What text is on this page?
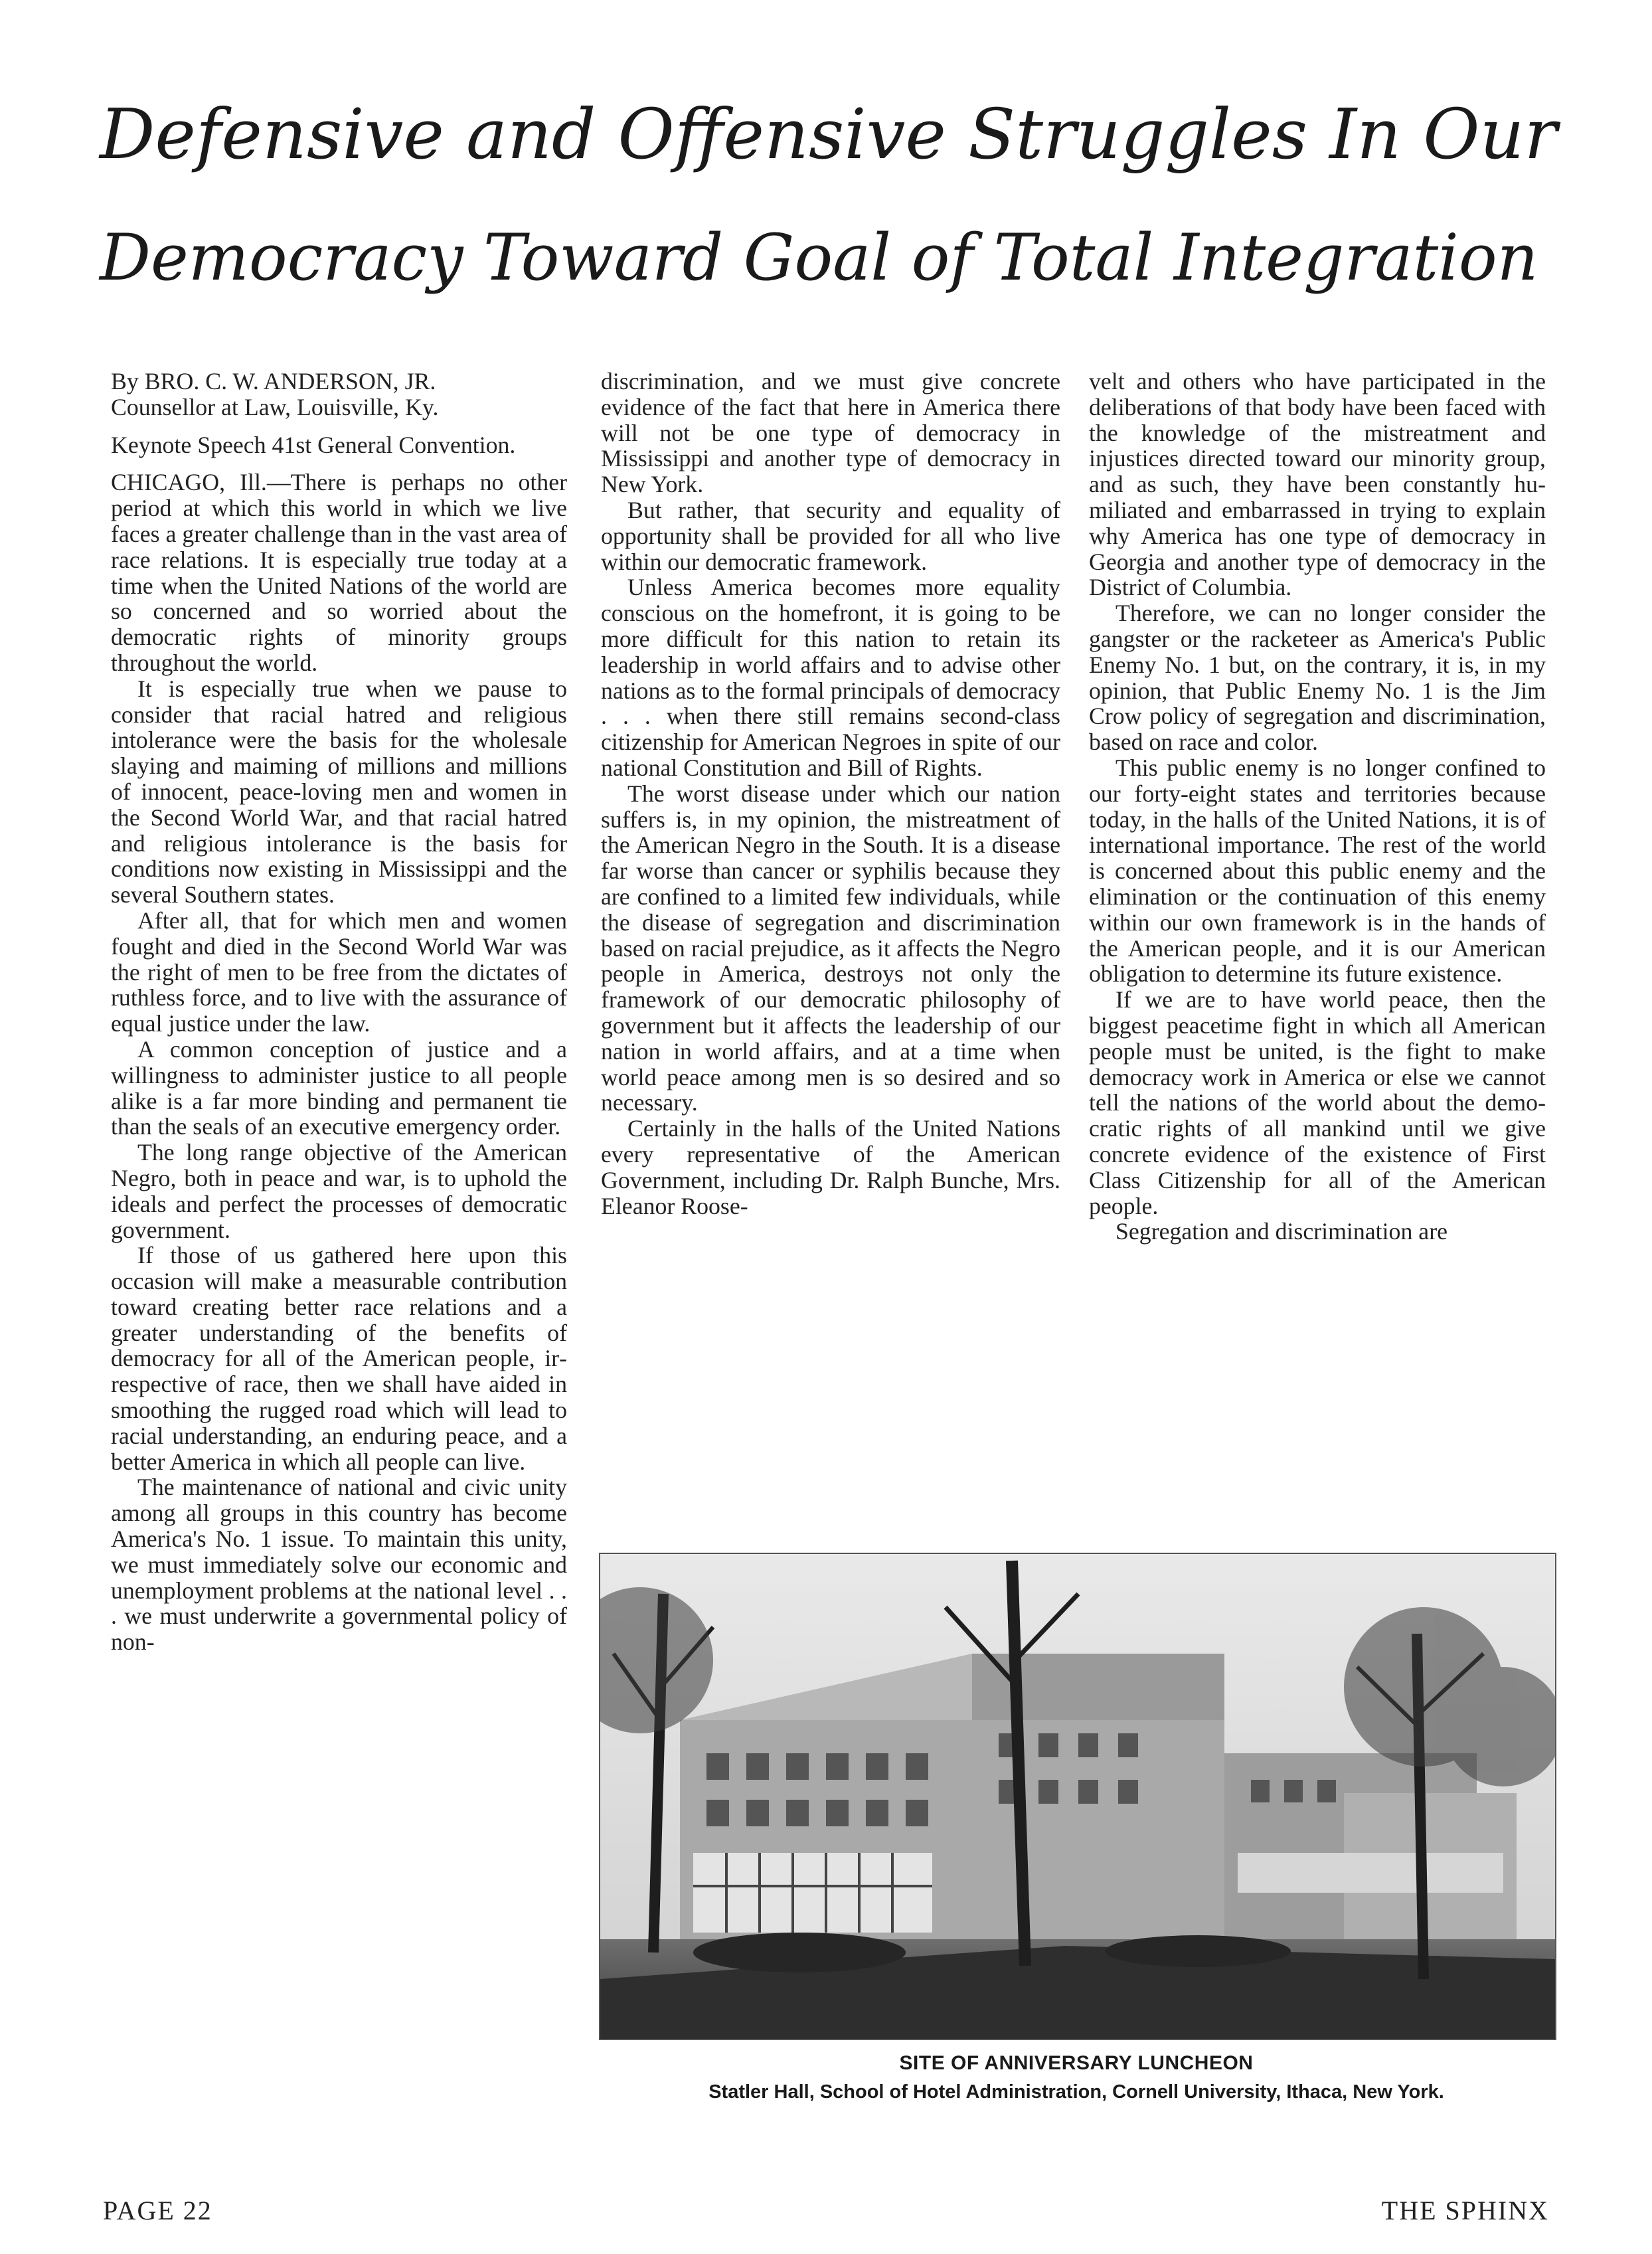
Defensive and Offensive Struggles In Our
Democracy Toward Goal of Total Integration

By BRO. C. W. ANDERSON, JR.

Counsellor at Law, Louisville, Ky.

Keynote Speech 41st General Convention.

CHICAGO, Ill.—There is perhaps no other period at which this world in which we live faces a greater challenge than in the vast area of race relations. It is especially true today at a time when the United Nations of the world are so concerned and so worried about the democratic rights of minority groups throughout the world.

It is especially true when we pause to consider that racial hatred and religious intolerance were the basis for the wholesale slaying and maiming of millions and millions of innocent, peace-loving men and women in the Second World War, and that racial hatred and religious intolerance is the basis for conditions now existing in Mississippi and the several Southern states.

After all, that for which men and women fought and died in the Second World War was the right of men to be free from the dictates of ruthless force, and to live with the assurance of equal justice under the law.

A common conception of justice and a willingness to administer justice to all people alike is a far more binding and permanent tie than the seals of an executive emergency order.

The long range objective of the American Negro, both in peace and war, is to uphold the ideals and perfect the processes of democratic government.

If those of us gathered here upon this occasion will make a measurable contribution toward creating better race relations and a greater understanding of the benefits of democracy for all of the American people, irrespective of race, then we shall have aided in smoothing the rugged road which will lead to racial understanding, an enduring peace, and a better America in which all people can live.

The maintenance of national and civic unity among all groups in this country has become America's No. 1 issue. To maintain this unity, we must immediately solve our economic and unemployment problems at the national level . . . we must underwrite a governmental policy of non-

discrimination, and we must give concrete evidence of the fact that here in America there will not be one type of democracy in Mississippi and another type of democracy in New York.

But rather, that security and equality of opportunity shall be provided for all who live within our democratic framework.

Unless America becomes more equality conscious on the homefront, it is going to be more difficult for this nation to retain its leadership in world affairs and to advise other nations as to the formal principals of democracy . . . when there still remains second-class citizenship for American Negroes in spite of our national Constitution and Bill of Rights.

The worst disease under which our nation suffers is, in my opinion, the mistreatment of the American Negro in the South. It is a disease far worse than cancer or syphilis because they are confined to a limited few individuals, while the disease of segregation and discrimination based on racial prejudice, as it affects the Negro people in America, destroys not only the framework of our democratic philosophy of government but it affects the leadership of our nation in world affairs, and at a time when world peace among men is so desired and so necessary.

Certainly in the halls of the United Nations every representative of the American Government, including Dr. Ralph Bunche, Mrs. Eleanor Roose-

velt and others who have participated in the deliberations of that body have been faced with the knowledge of the mistreatment and injustices directed toward our minority group, and as such, they have been constantly humiliated and embarrassed in trying to explain why America has one type of democracy in Georgia and another type of democracy in the District of Columbia.

Therefore, we can no longer consider the gangster or the racketeer as America's Public Enemy No. 1 but, on the contrary, it is, in my opinion, that Public Enemy No. 1 is the Jim Crow policy of segregation and discrimination, based on race and color.

This public enemy is no longer confined to our forty-eight states and territories because today, in the halls of the United Nations, it is of international importance. The rest of the world is concerned about this public enemy and the elimination or the continuation of this enemy within our own framework is in the hands of the American people, and it is our American obligation to determine its future existence.

If we are to have world peace, then the biggest peacetime fight in which all American people must be united, is the fight to make democracy work in America or else we cannot tell the nations of the world about the democratic rights of all mankind until we give concrete evidence of the existence of First Class Citizenship for all of the American people.

Segregation and discrimination are

SITE OF ANNIVERSARY LUNCHEON
Statler Hall, School of Hotel Administration, Cornell University, Ithaca, New York.
PAGE 22	THE SPHINX
